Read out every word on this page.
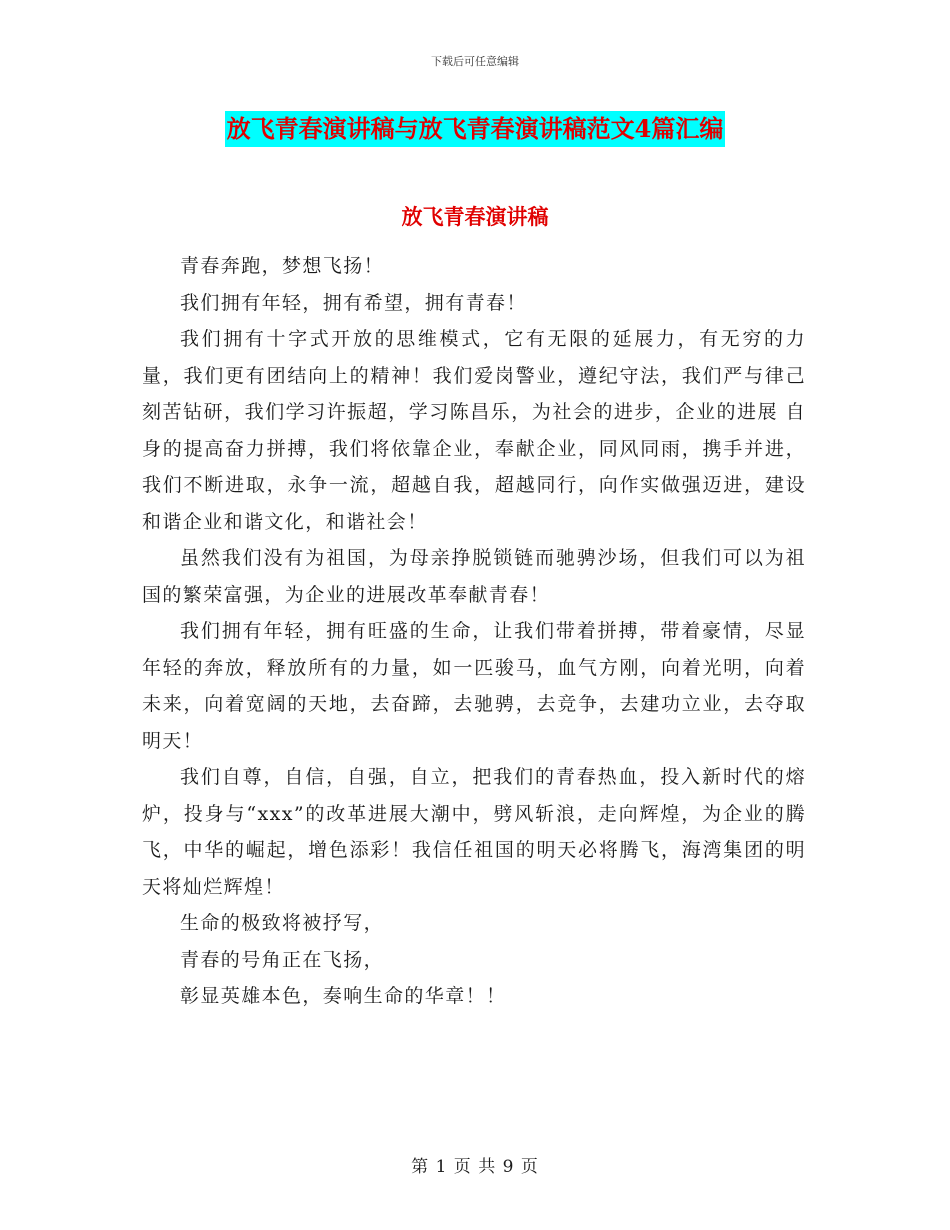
下载后可任意编辑
放飞青春演讲稿与放飞青春演讲稿范文4篇汇编
放飞青春演讲稿

青春奔跑，梦想飞扬！

我们拥有年轻，拥有希望，拥有青春！

我们拥有十字式开放的思维模式，它有无限的延展力，有无穷的力量，我们更有团结向上的精神！我们爱岗警业，遵纪守法，我们严与律己刻苦钻研，我们学习许振超，学习陈昌乐，为社会的进步，企业的进展 自身的提高奋力拼搏，我们将依靠企业，奉献企业，同风同雨，携手并进，我们不断进取，永争一流，超越自我，超越同行，向作实做强迈进，建设和谐企业和谐文化，和谐社会！

虽然我们没有为祖国，为母亲挣脱锁链而驰骋沙场，但我们可以为祖国的繁荣富强，为企业的进展改革奉献青春！

我们拥有年轻，拥有旺盛的生命，让我们带着拼搏，带着豪情，尽显年轻的奔放，释放所有的力量，如一匹骏马，血气方刚，向着光明，向着未来，向着宽阔的天地，去奋蹄，去驰骋，去竞争，去建功立业，去夺取明天！

我们自尊，自信，自强，自立，把我们的青春热血，投入新时代的熔炉，投身与“xxx”的改革进展大潮中，劈风斩浪，走向辉煌，为企业的腾飞，中华的崛起，增色添彩！我信任祖国的明天必将腾飞，海湾集团的明天将灿烂辉煌！

生命的极致将被抒写，

青春的号角正在飞扬，

彰显英雄本色，奏响生命的华章！！

第 1 页 共 9 页
